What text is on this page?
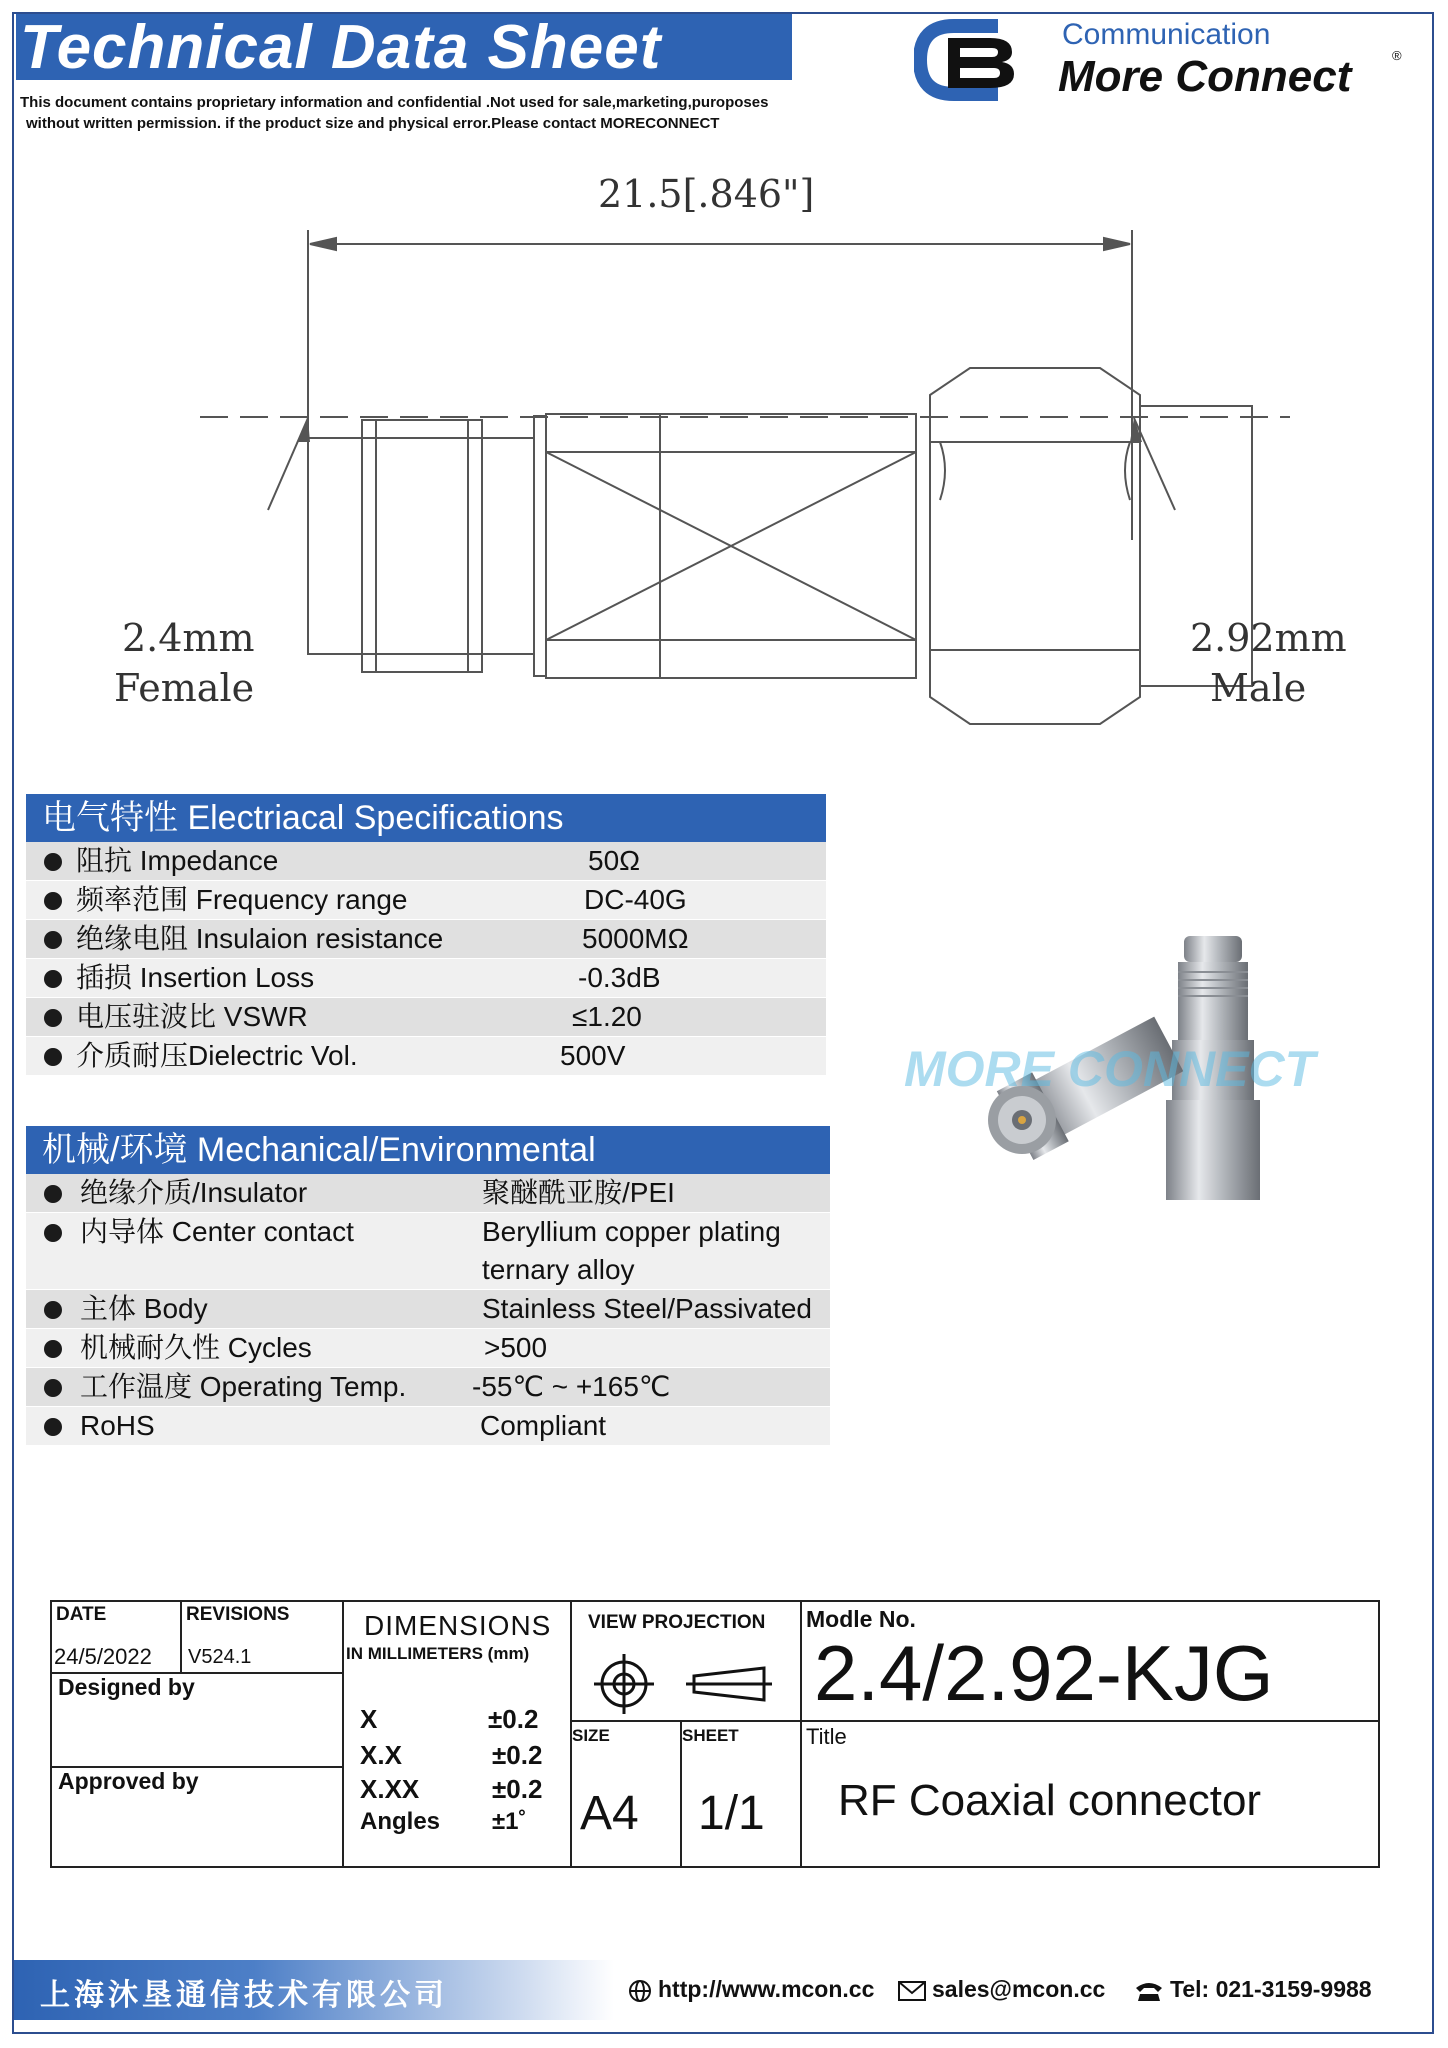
Technical Data Sheet
This document contains proprietary information and confidential .Not used for sale,marketing,puroposes
without written permission. if the product size and physical error.Please contact MORECONNECT
Communication
More Connect	®
21.5[.846"]
2.4mm
Female
2.92mm
Male
电气特性 Electriacal Specifications
阻抗 Impedance	50Ω

频率范围 Frequency range	DC-40G

绝缘电阻 Insulaion resistance	5000MΩ

插损 Insertion Loss	-0.3dB

电压驻波比 VSWR	≤1.20

介质耐压Dielectric Vol.	500V

机械/环境 Mechanical/Environmental
绝缘介质/Insulator	聚醚酰亚胺/PEI

内导体 Center contact	Beryllium copper plating
ternary alloy
主体 Body	Stainless Steel/Passivated

机械耐久性 Cycles	>500

工作温度 Operating Temp. -55℃ ~ +165℃

RoHS	Compliant

MORE CONNECT
DATE
24/5/2022
REVISIONS
V524.1
Designed by
Approved by
DIMENSIONS
IN MILLIMETERS (mm)
X	±0.2
X.X	±0.2
X.XX	±0.2
Angles ±1˚
VIEW PROJECTION
SIZE
A4
SHEET
1/1
Modle No.
2.4/2.92-KJG
Title
RF Coaxial connector
上海沐垦通信技术有限公司	http://www.mcon.cc	sales@mcon.cc	Tel: 021-3159-9988
